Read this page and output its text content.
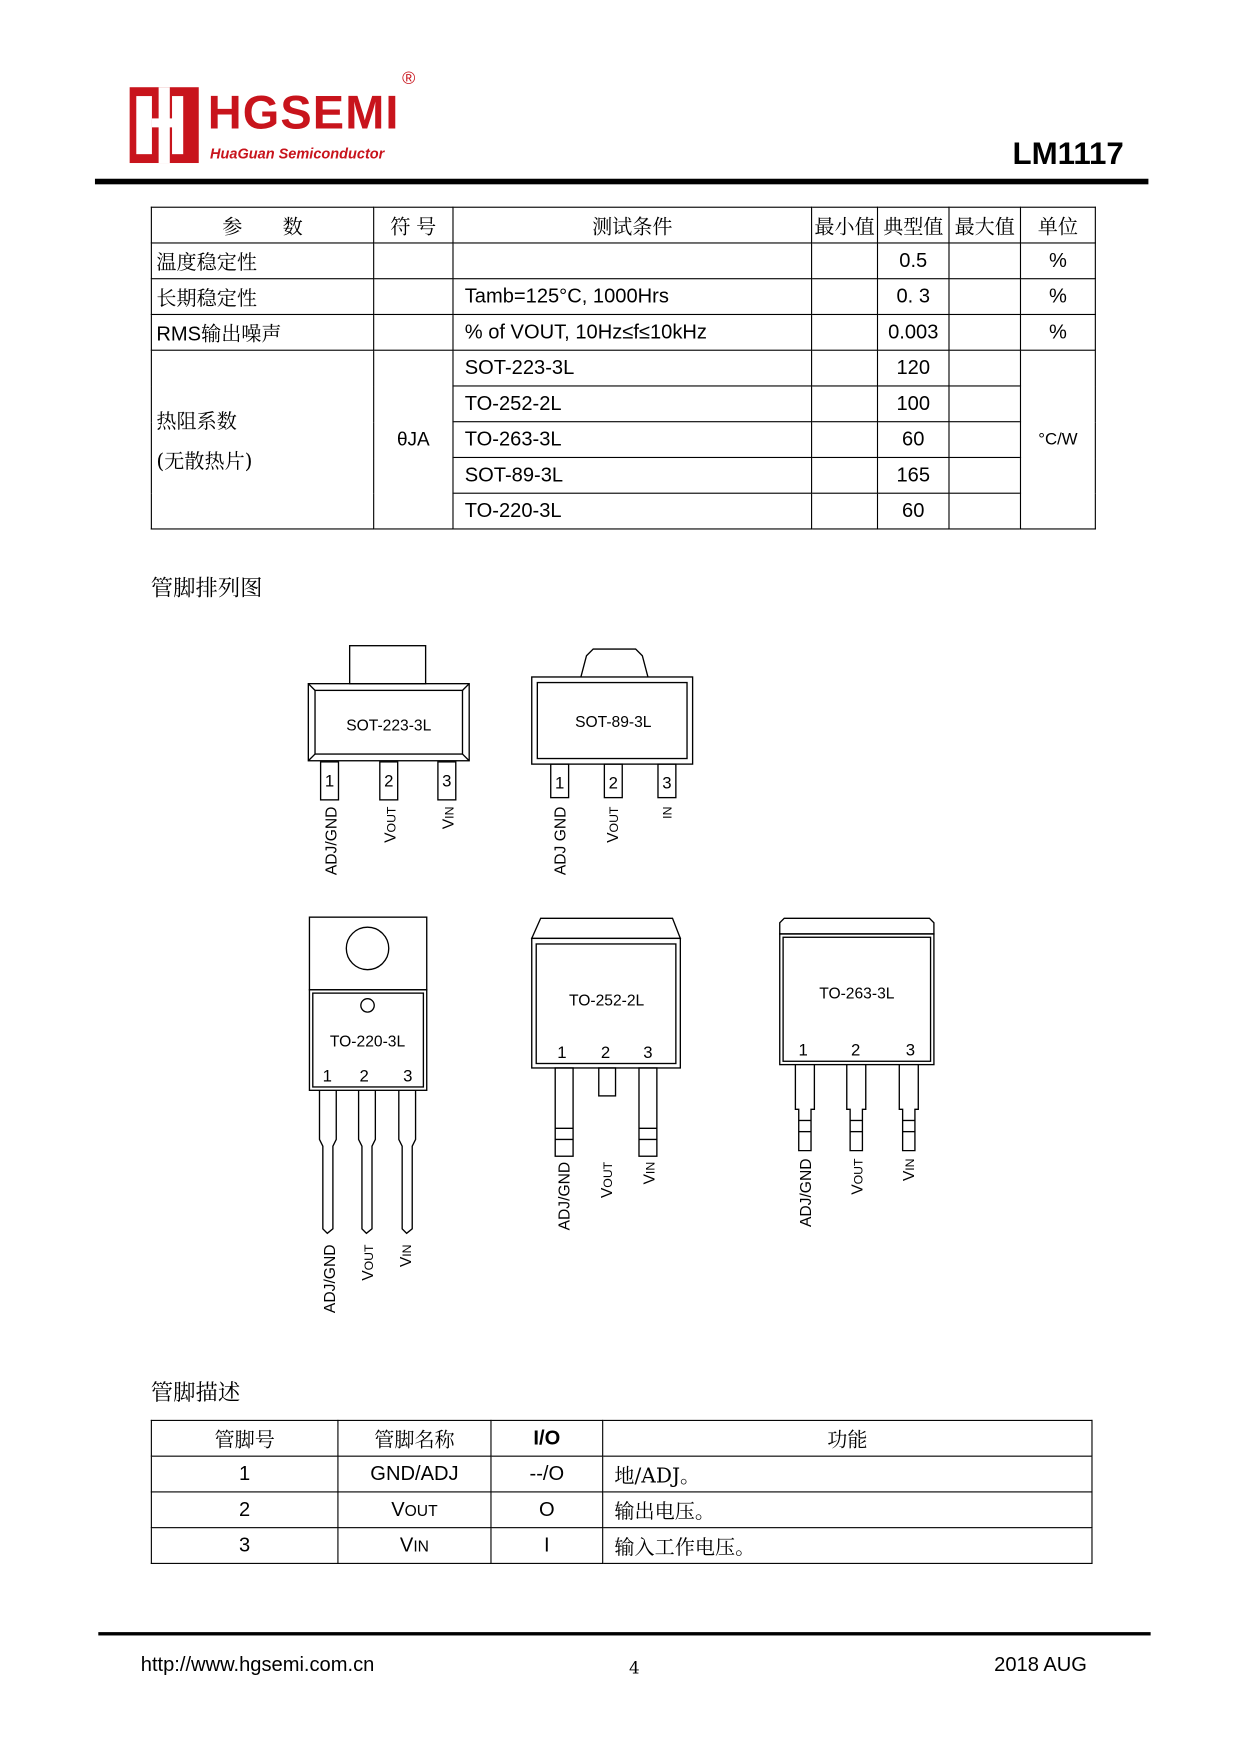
HGSEMI
®
HuaGuan Semiconductor	LM1117
参　　数	符 号	测试条件	最小值	典型值	最大值	单位
温度稳定性				0.5		%
长期稳定性		Tamb=125°C, 1000Hrs		0. 3		%
RMS输出噪声		% of VOUT, 10Hz≤f≤10kHz		0.003		%

热阻系数
(无散热片)	θJA	SOT-223-3L		120		°C/W
		TO-252-2L		100		
		TO-263-3L		60		
		SOT-89-3L		165		
		TO-220-3L		60		
管脚排列图
SOT-223-3L
1	2	3
ADJ/GND	VOUT	VIN
SOT-89-3L
1	2	3
ADJ GND	VOUT	IN
TO-220-3L
1 2 3
ADJ/GND VOUT VIN
TO-252-2L
1 2 3
ADJ/GND VOUT VIN
TO-263-3L
1	2	3
ADJ/GND VOUT	VIN
管脚描述
管脚号	管脚名称	I/O	功能
1	GND/ADJ	--/O	地/ADJ。
2	VOUT	O	输出电压。
3	VIN	I	输入工作电压。
http://www.hgsemi.com.cn	4	2018 AUG
